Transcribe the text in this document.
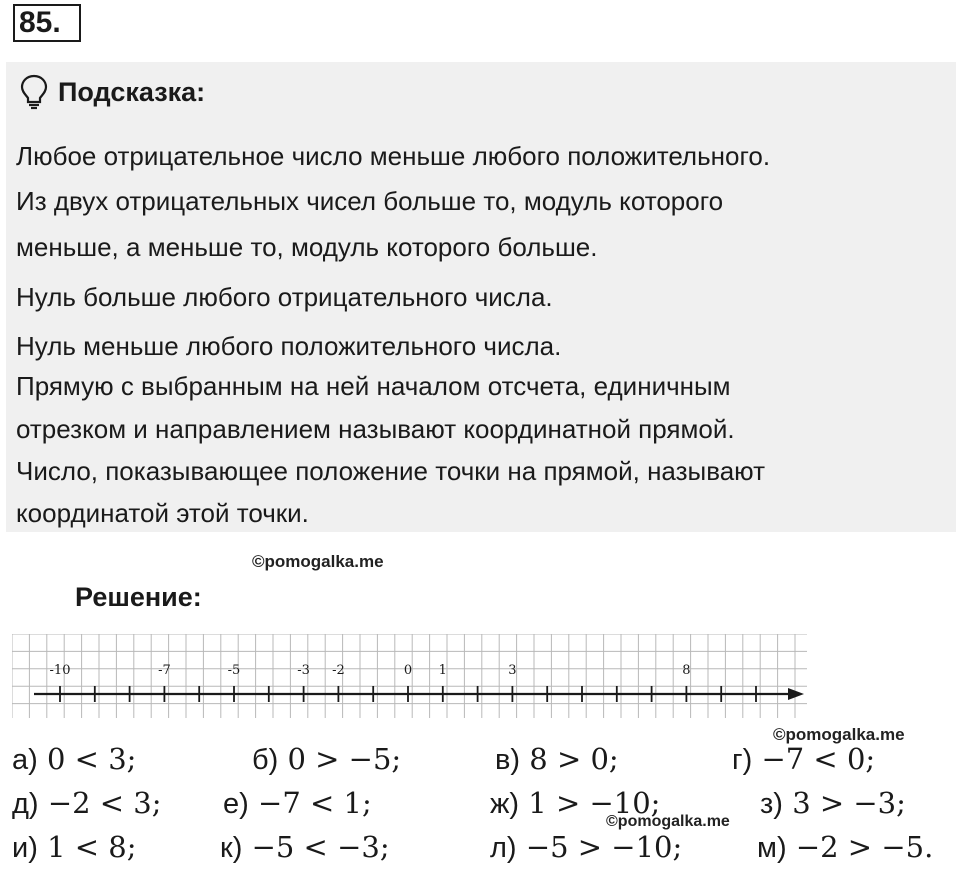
85.
Подсказка:
Любое отрицательное число меньше любого положительного.
Из двух отрицательных чисел больше то, модуль которого
меньше, а меньше то, модуль которого больше.
Нуль больше любого отрицательного числа.
Нуль меньше любого положительного числа.
Прямую с выбранным на ней началом отсчета, единичным
отрезком и направлением называют координатной прямой.
Число, показывающее положение точки на прямой, называют
координатой этой точки.
©pomogalka.me
Решение:
-10	-7	-5	-3 -2	0 1	3	8
©pomogalka.me
©pomogalka.me
а) 0 < 3;	б) 0 > −5;	в) 8 > 0;	г) −7 < 0;
д) −2 < 3; е) −7 < 1;	ж) 1 > −10;	з) 3 > −3;
и) 1 < 8;	к) −5 < −3;	л) −5 > −10;	м) −2 > −5.
